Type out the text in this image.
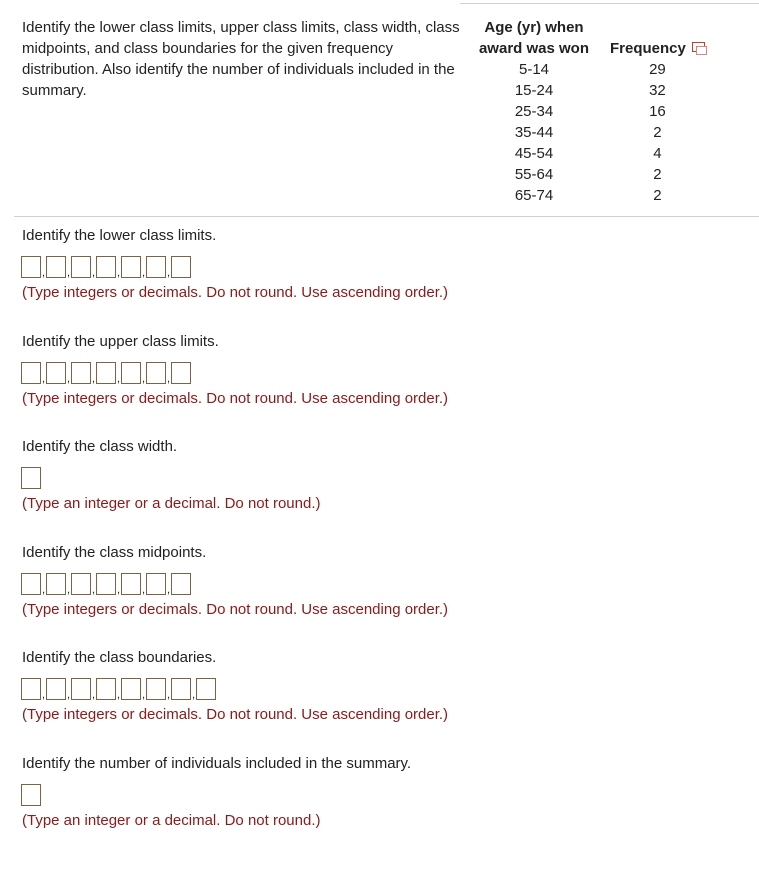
Identify the lower class limits, upper class limits, class width, class midpoints, and class boundaries for the given frequency distribution. Also identify the number of individuals included in the summary.
Age (yr) when award was won	Frequency
5-14	29
15-24	32
25-34	16
35-44	2
45-54	4
55-64	2
65-74	2
Identify the lower class limits.
, , , , , ,
(Type integers or decimals. Do not round. Use ascending order.)
Identify the upper class limits.
, , , , , ,
(Type integers or decimals. Do not round. Use ascending order.)
Identify the class width.
(Type an integer or a decimal. Do not round.)
Identify the class midpoints.
, , , , , ,
(Type integers or decimals. Do not round. Use ascending order.)
Identify the class boundaries.
, , , , , , ,
(Type integers or decimals. Do not round. Use ascending order.)
Identify the number of individuals included in the summary.
(Type an integer or a decimal. Do not round.)
